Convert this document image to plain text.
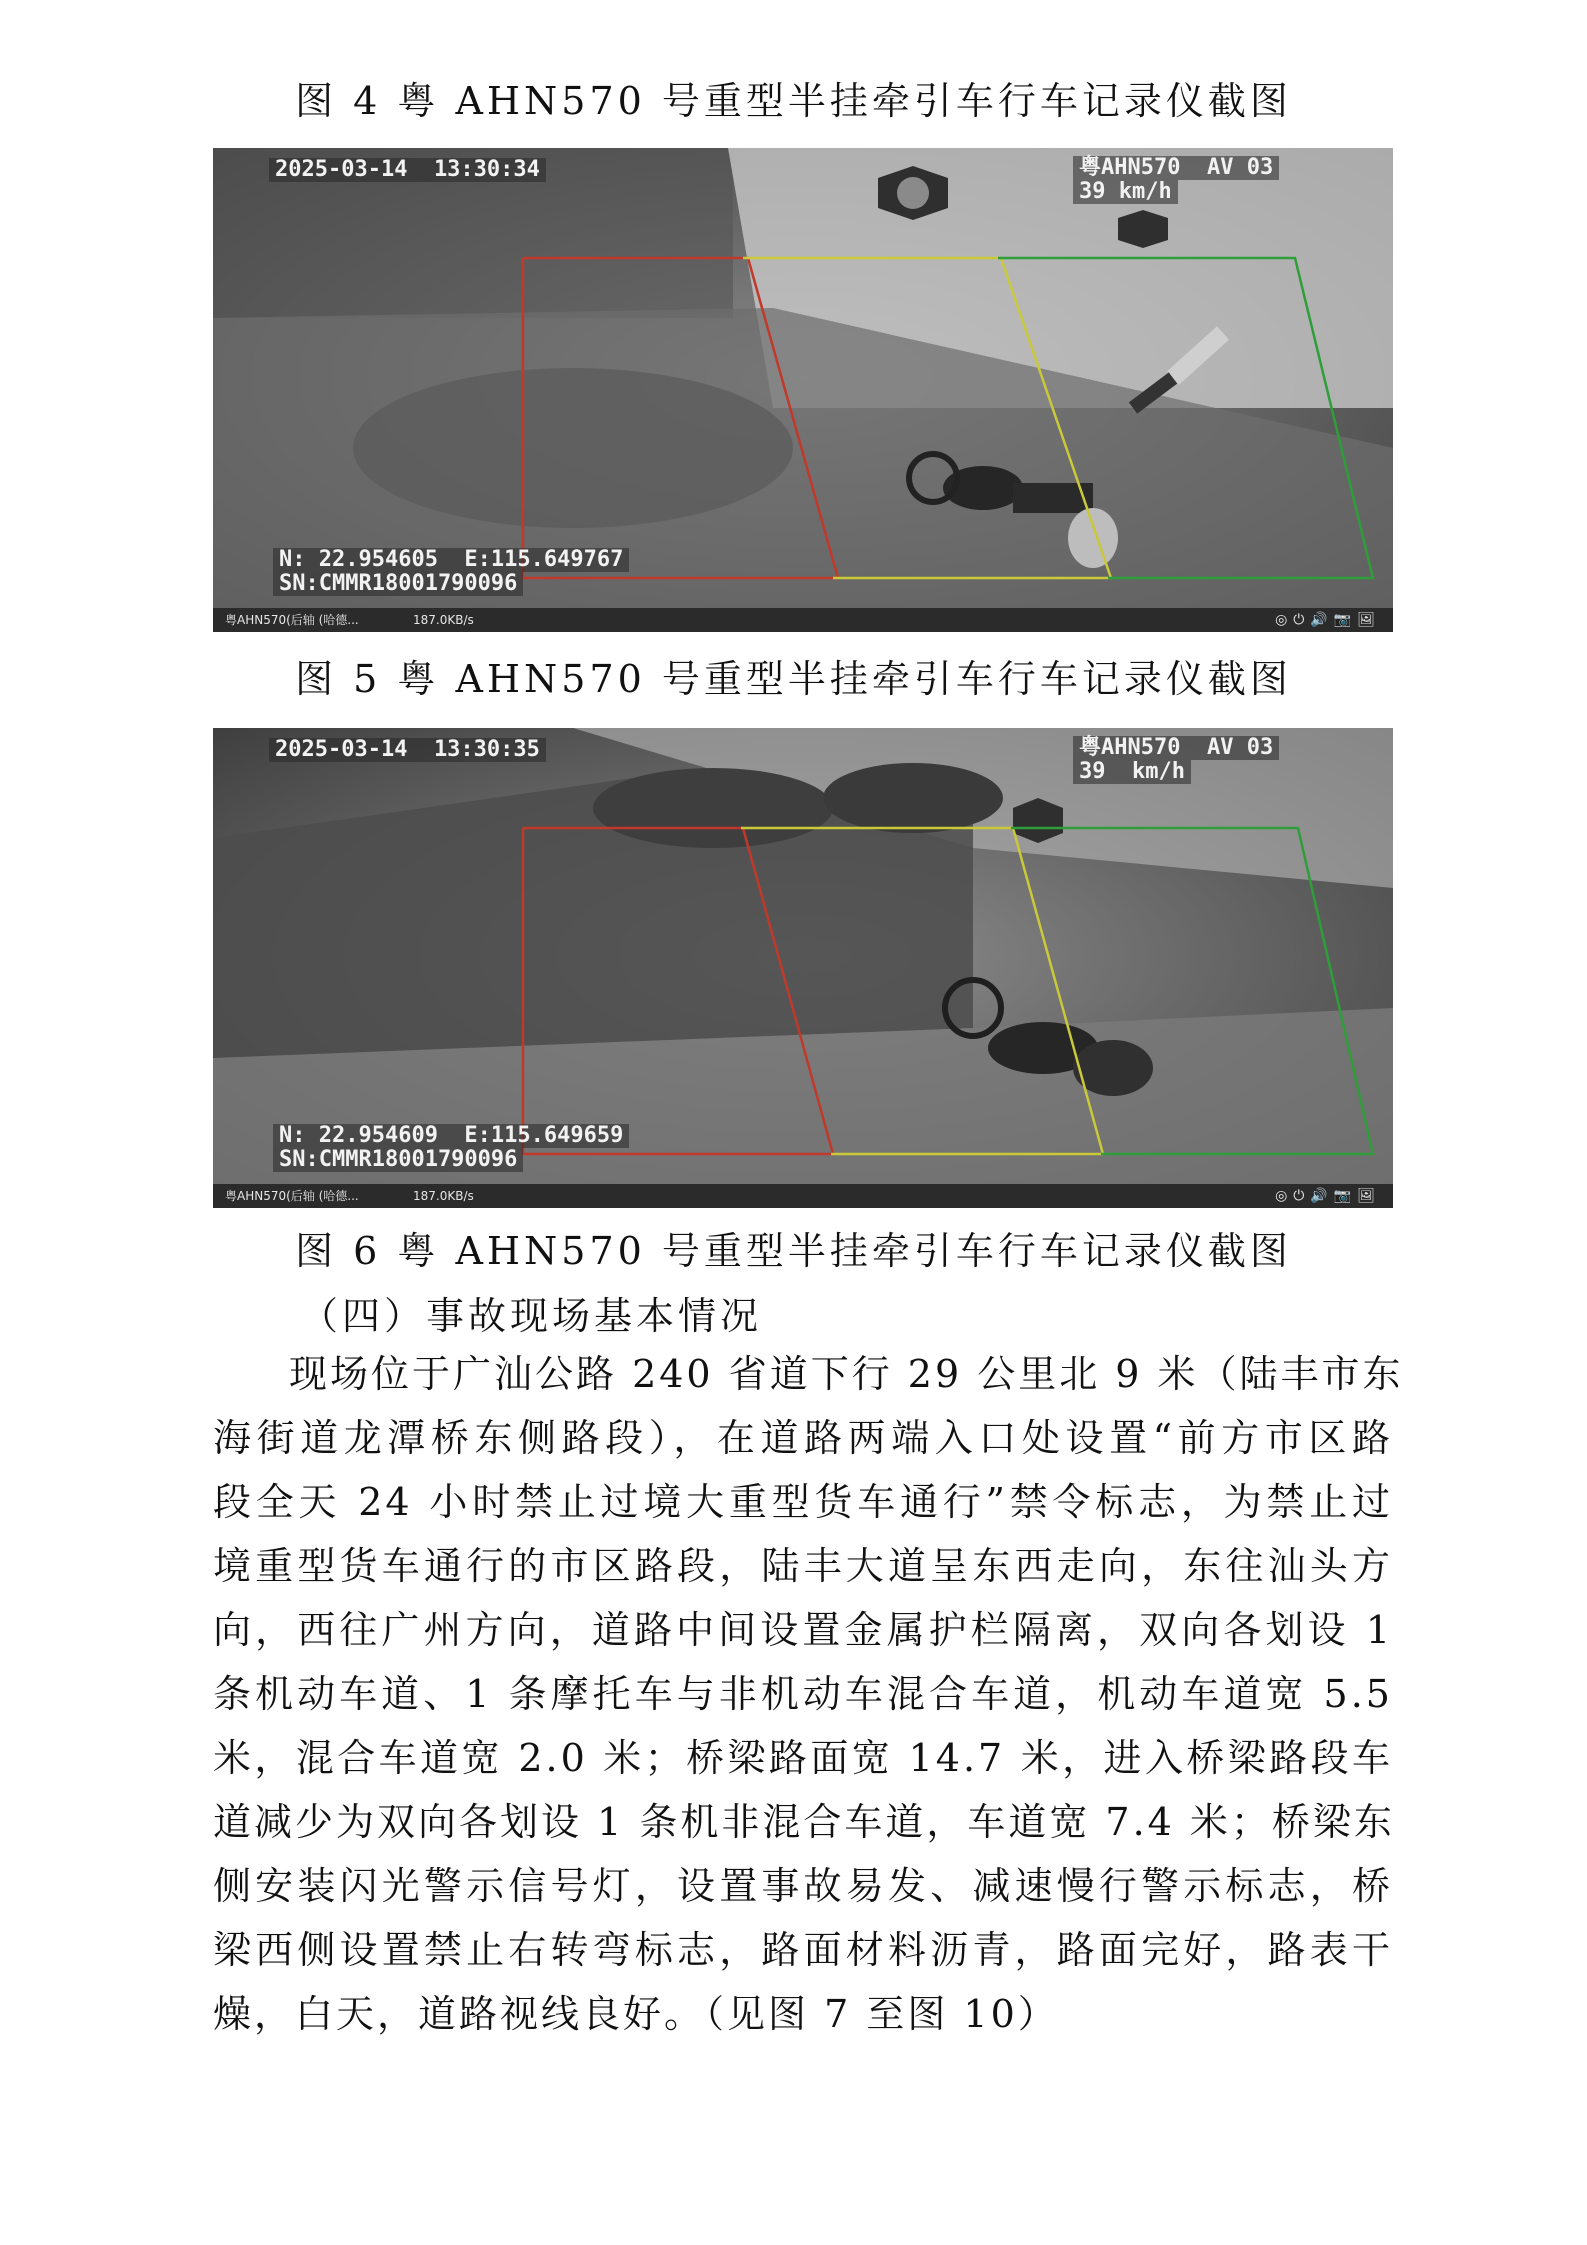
图 4 粤 AHN570 号重型半挂牵引车行车记录仪截图
2025-03-14  13:30:34	粤AHN570  AV 03
39 km/h
N: 22.954605  E:115.649767
SN:CMMR18001790096
粤AHN570(后轴 (哈德...	187.0KB/s	◎⏻🔊📷🖼
图 5 粤 AHN570 号重型半挂牵引车行车记录仪截图
2025-03-14  13:30:35	粤AHN570  AV 03
39  km/h
N: 22.954609  E:115.649659
SN:CMMR18001790096
粤AHN570(后轴 (哈德...	187.0KB/s	◎⏻🔊📷🖼
图 6 粤 AHN570 号重型半挂牵引车行车记录仪截图
（四）事故现场基本情况
现场位于广汕公路 240 省道下行 29 公里北 9 米（陆丰市东
海街道龙潭桥东侧路段），在道路两端入口处设置“前方市区路
段全天 24 小时禁止过境大重型货车通行”禁令标志，为禁止过
境重型货车通行的市区路段，陆丰大道呈东西走向，东往汕头方
向，西往广州方向，道路中间设置金属护栏隔离，双向各划设 1
条机动车道、1 条摩托车与非机动车混合车道，机动车道宽 5.5
米，混合车道宽 2.0 米；桥梁路面宽 14.7 米，进入桥梁路段车
道减少为双向各划设 1 条机非混合车道，车道宽 7.4 米；桥梁东
侧安装闪光警示信号灯，设置事故易发、减速慢行警示标志，桥
梁西侧设置禁止右转弯标志，路面材料沥青，路面完好，路表干
燥，白天，道路视线良好。（见图 7 至图 10）
